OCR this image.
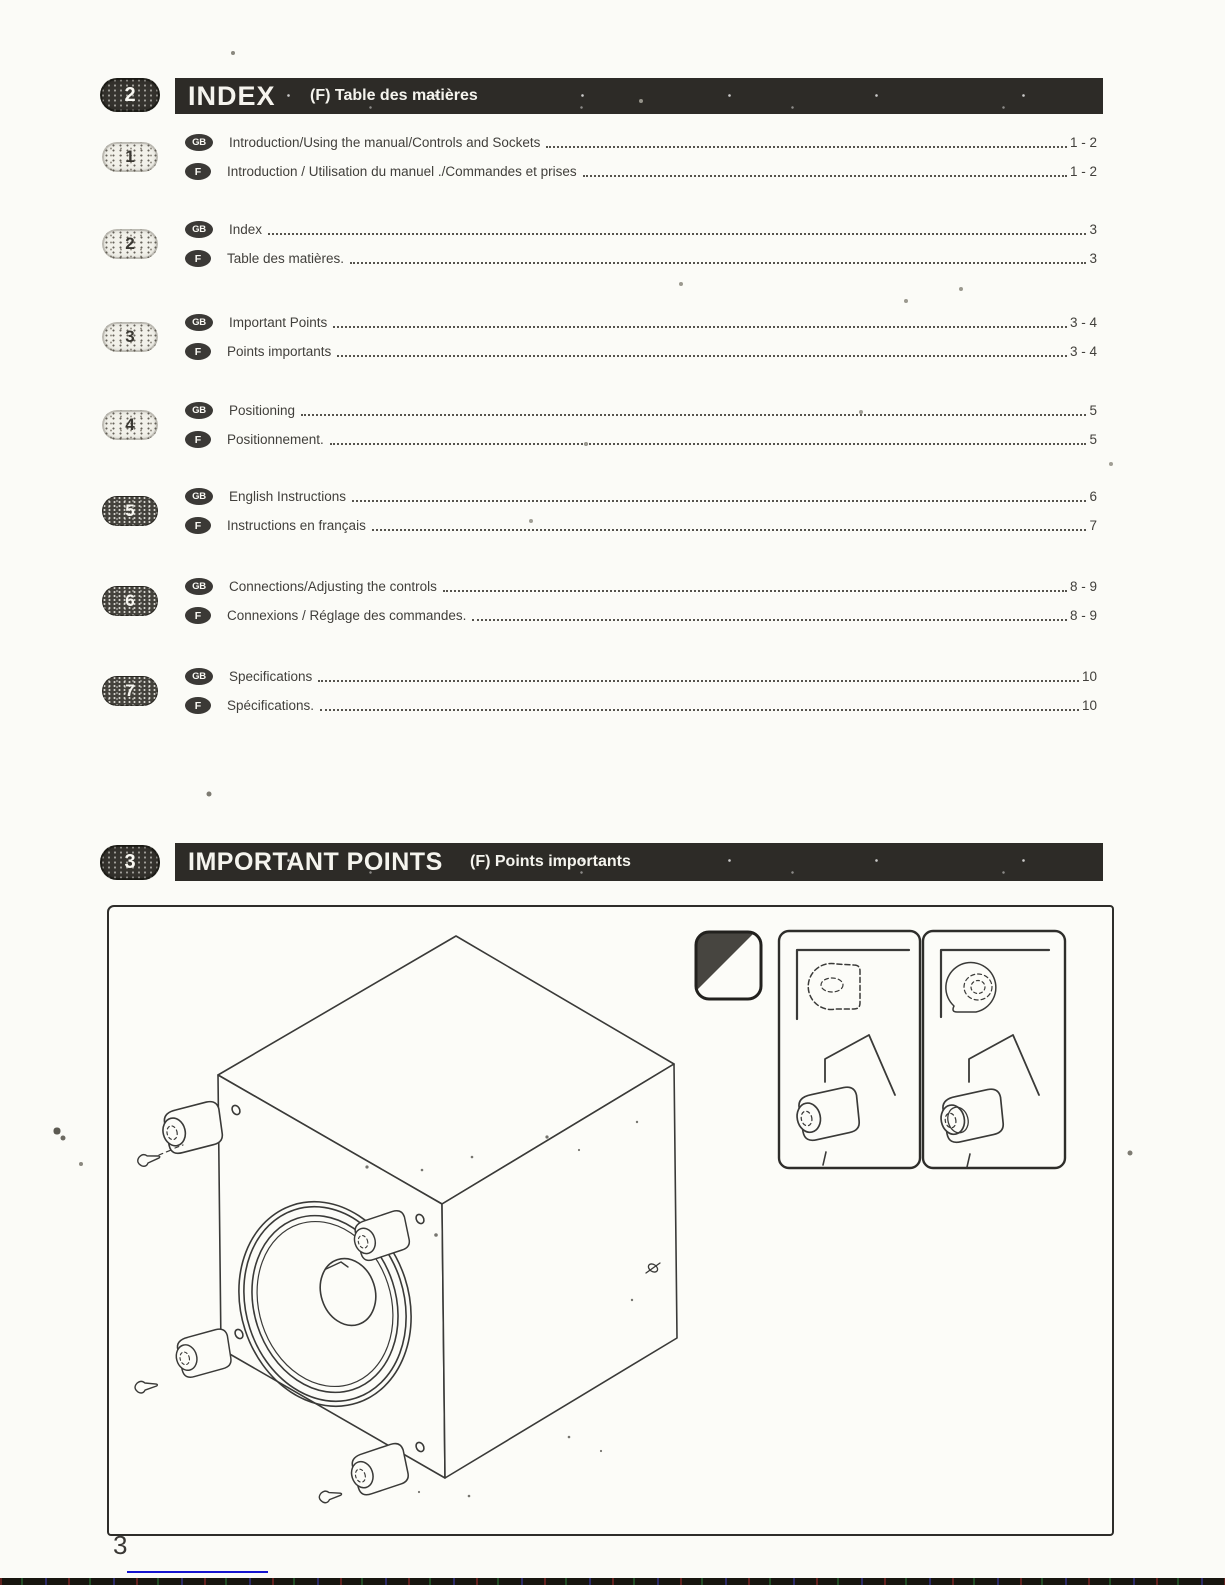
2	INDEX (F) Table des matières
1
GB	Introduction/Using the manual/Controls and Sockets	1 - 2
F	Introduction / Utilisation du manuel ./Commandes et prises	1 - 2
2
GB	Index	3
F	Table des matières.	3
3
GB	Important Points	3 - 4
F	Points importants	3 - 4
4
GB	Positioning	5
F	Positionnement.	5
5
GB	English Instructions	6
F	Instructions en français	7
6
GB	Connections/Adjusting the controls	8 - 9
F	Connexions / Réglage des commandes.	8 - 9
7
GB	Specifications	10
F	Spécifications.	10
3	IMPORTANT POINTS (F) Points importants
3
